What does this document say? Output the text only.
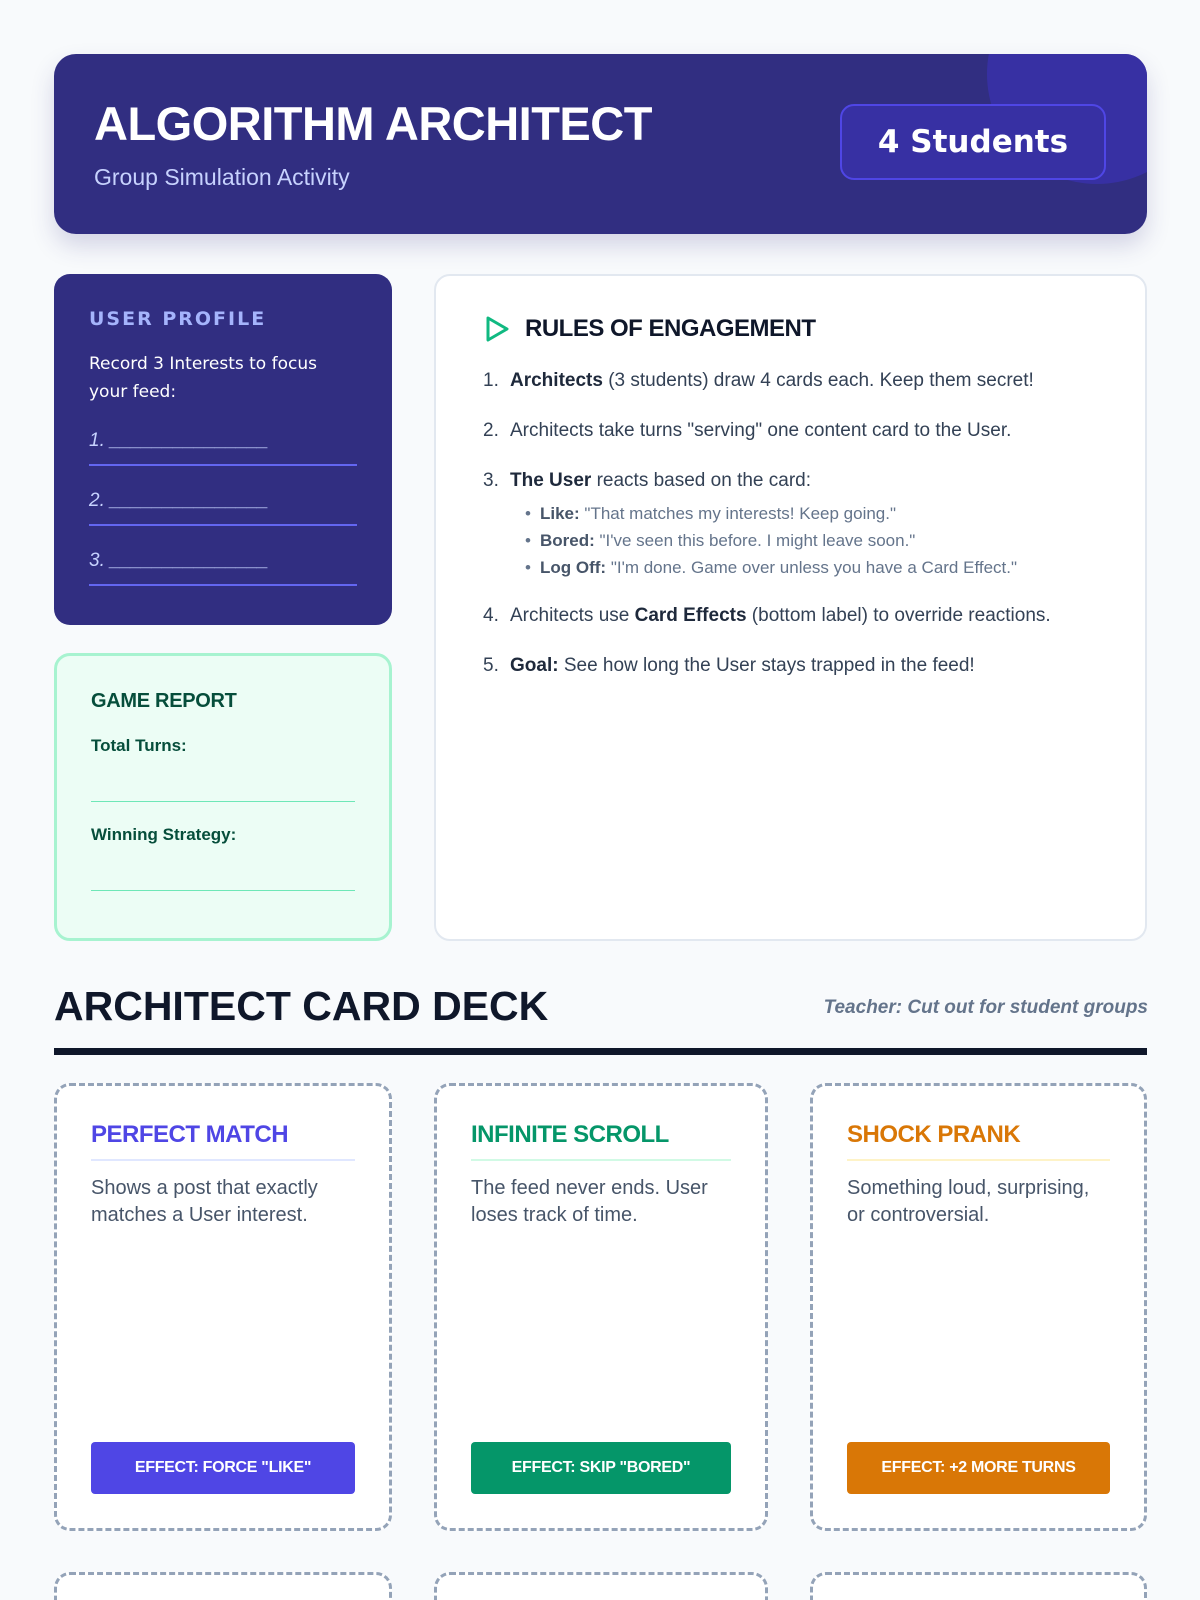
ALGORITHM ARCHITECT
Group Simulation Activity
4 Students
USER PROFILE
Record 3 Interests to focus your feed:
1. _______________
2. _______________
3. _______________
GAME REPORT
Total Turns:
Winning Strategy:
RULES OF ENGAGEMENT
1. Architects (3 students) draw 4 cards each. Keep them secret!
2. Architects take turns "serving" one content card to the User.
3. The User reacts based on the card:
• Like: "That matches my interests! Keep going."
• Bored: "I've seen this before. I might leave soon."
• Log Off: "I'm done. Game over unless you have a Card Effect."
4. Architects use Card Effects (bottom label) to override reactions.
5. Goal: See how long the User stays trapped in the feed!
ARCHITECT CARD DECK	Teacher: Cut out for student groups
PERFECT MATCH
Shows a post that exactly matches a User interest.
EFFECT: FORCE "LIKE"
INFINITE SCROLL
The feed never ends. User loses track of time.
EFFECT: SKIP "BORED"
SHOCK PRANK
Something loud, surprising, or controversial.
EFFECT: +2 MORE TURNS
